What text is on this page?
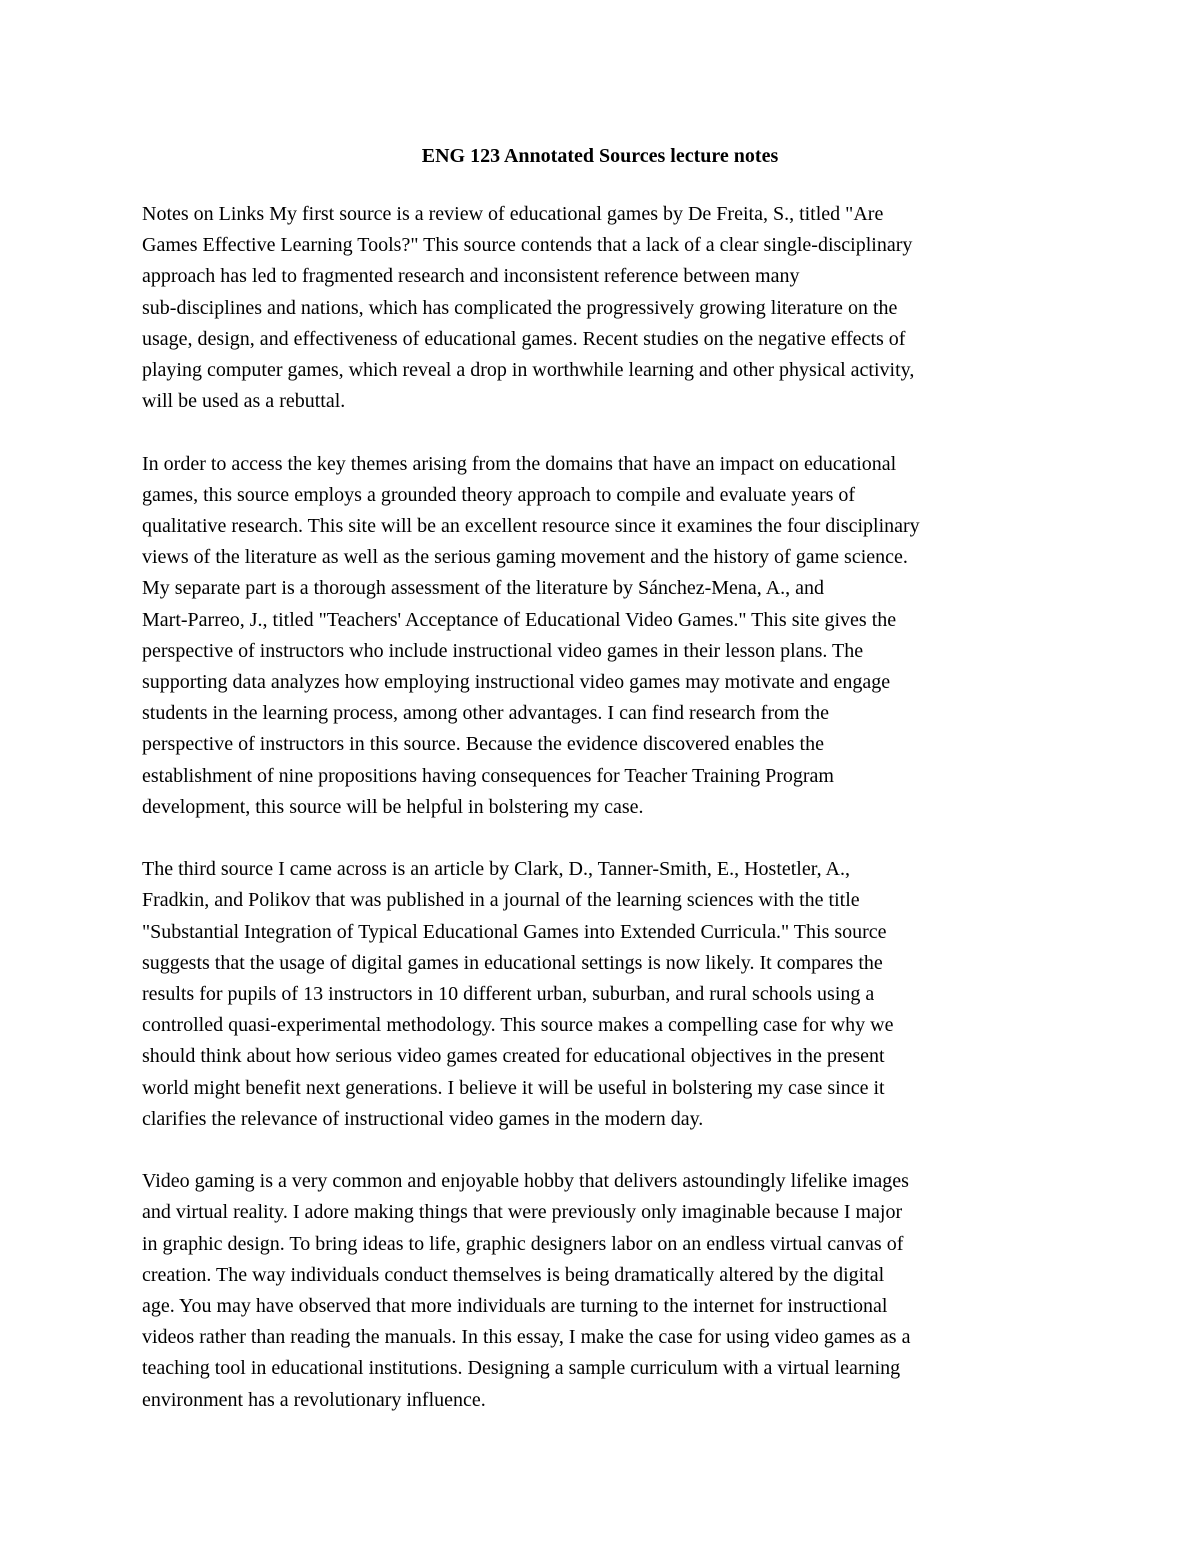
ENG 123 Annotated Sources lecture notes

Notes on Links My first source is a review of educational games by De Freita, S., titled "Are
Games Effective Learning Tools?" This source contends that a lack of a clear single-disciplinary
approach has led to fragmented research and inconsistent reference between many
sub-disciplines and nations, which has complicated the progressively growing literature on the
usage, design, and effectiveness of educational games. Recent studies on the negative effects of
playing computer games, which reveal a drop in worthwhile learning and other physical activity,
will be used as a rebuttal.

In order to access the key themes arising from the domains that have an impact on educational
games, this source employs a grounded theory approach to compile and evaluate years of
qualitative research. This site will be an excellent resource since it examines the four disciplinary
views of the literature as well as the serious gaming movement and the history of game science.
My separate part is a thorough assessment of the literature by Sánchez-Mena, A., and
Mart-Parreo, J., titled "Teachers' Acceptance of Educational Video Games." This site gives the
perspective of instructors who include instructional video games in their lesson plans. The
supporting data analyzes how employing instructional video games may motivate and engage
students in the learning process, among other advantages. I can find research from the
perspective of instructors in this source. Because the evidence discovered enables the
establishment of nine propositions having consequences for Teacher Training Program
development, this source will be helpful in bolstering my case.

The third source I came across is an article by Clark, D., Tanner-Smith, E., Hostetler, A.,
Fradkin, and Polikov that was published in a journal of the learning sciences with the title
"Substantial Integration of Typical Educational Games into Extended Curricula." This source
suggests that the usage of digital games in educational settings is now likely. It compares the
results for pupils of 13 instructors in 10 different urban, suburban, and rural schools using a
controlled quasi-experimental methodology. This source makes a compelling case for why we
should think about how serious video games created for educational objectives in the present
world might benefit next generations. I believe it will be useful in bolstering my case since it
clarifies the relevance of instructional video games in the modern day.

Video gaming is a very common and enjoyable hobby that delivers astoundingly lifelike images
and virtual reality. I adore making things that were previously only imaginable because I major
in graphic design. To bring ideas to life, graphic designers labor on an endless virtual canvas of
creation. The way individuals conduct themselves is being dramatically altered by the digital
age. You may have observed that more individuals are turning to the internet for instructional
videos rather than reading the manuals. In this essay, I make the case for using video games as a
teaching tool in educational institutions. Designing a sample curriculum with a virtual learning
environment has a revolutionary influence.
